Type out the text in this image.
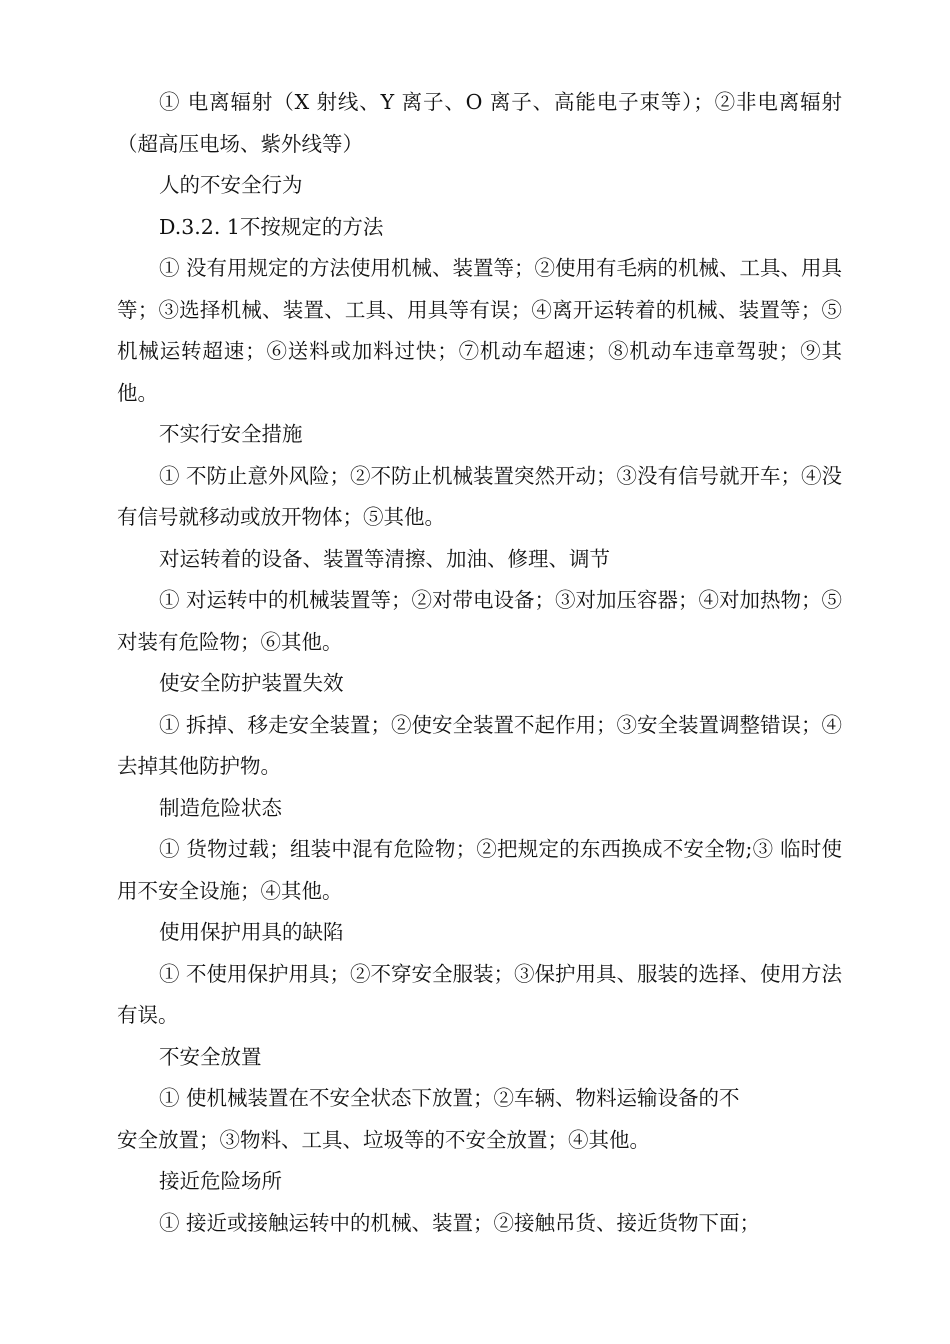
① 电离辐射（X 射线、Y 离子、O 离子、高能电子束等）；②非电离辐射（超高压电场、紫外线等）

人的不安全行为

D.3.2. 1不按规定的方法

① 没有用规定的方法使用机械、装置等；②使用有毛病的机械、工具、用具等；③选择机械、装置、工具、用具等有误；④离开运转着的机械、装置等；⑤机械运转超速；⑥送料或加料过快；⑦机动车超速；⑧机动车违章驾驶；⑨其他。

不实行安全措施

① 不防止意外风险；②不防止机械装置突然开动；③没有信号就开车；④没有信号就移动或放开物体；⑤其他。

对运转着的设备、装置等清擦、加油、修理、调节

① 对运转中的机械装置等；②对带电设备；③对加压容器；④对加热物；⑤对装有危险物；⑥其他。

使安全防护装置失效

① 拆掉、移走安全装置；②使安全装置不起作用；③安全装置调整错误；④去掉其他防护物。

制造危险状态

① 货物过载；组装中混有危险物；②把规定的东西换成不安全物;③ 临时使用不安全设施；④其他。

使用保护用具的缺陷

① 不使用保护用具；②不穿安全服装；③保护用具、服装的选择、使用方法有误。

不安全放置

① 使机械装置在不安全状态下放置；②车辆、物料运输设备的不
安全放置；③物料、工具、垃圾等的不安全放置；④其他。

接近危险场所

① 接近或接触运转中的机械、装置；②接触吊货、接近货物下面；
